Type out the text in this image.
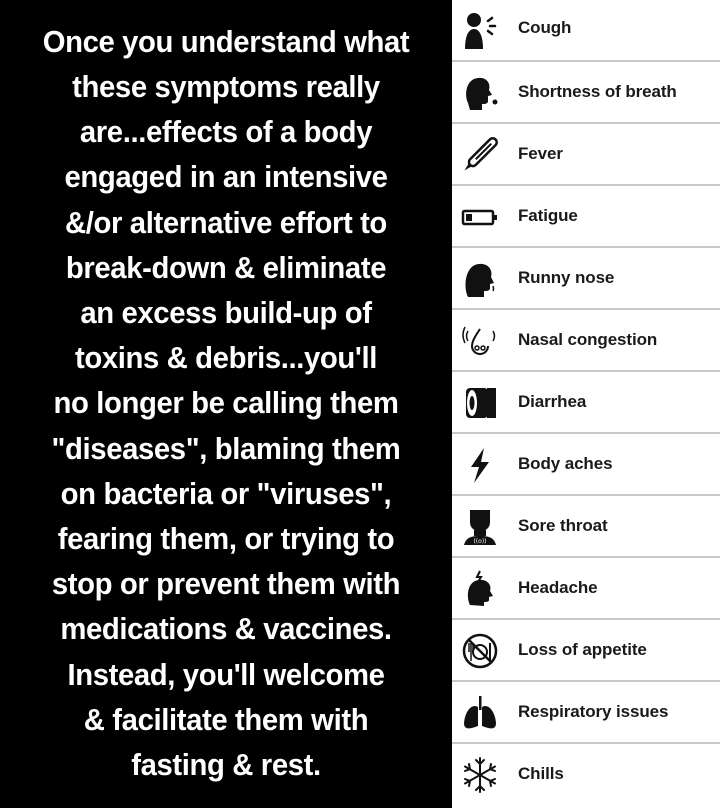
Once you understand what
these symptoms really
are...effects of a body
engaged in an intensive
&/or alternative effort to
break-down & eliminate
an excess build-up of
toxins & debris...you'll
no longer be calling them
"diseases", blaming them
on bacteria or "viruses",
fearing them, or trying to
stop or prevent them with
medications & vaccines.
Instead, you'll welcome
& facilitate them with
fasting & rest.

Cough
Shortness of breath
Fever
Fatigue
Runny nose
Nasal congestion
Diarrhea
Body aches
((o))
Sore throat
Headache
Loss of appetite
Respiratory issues
Chills
